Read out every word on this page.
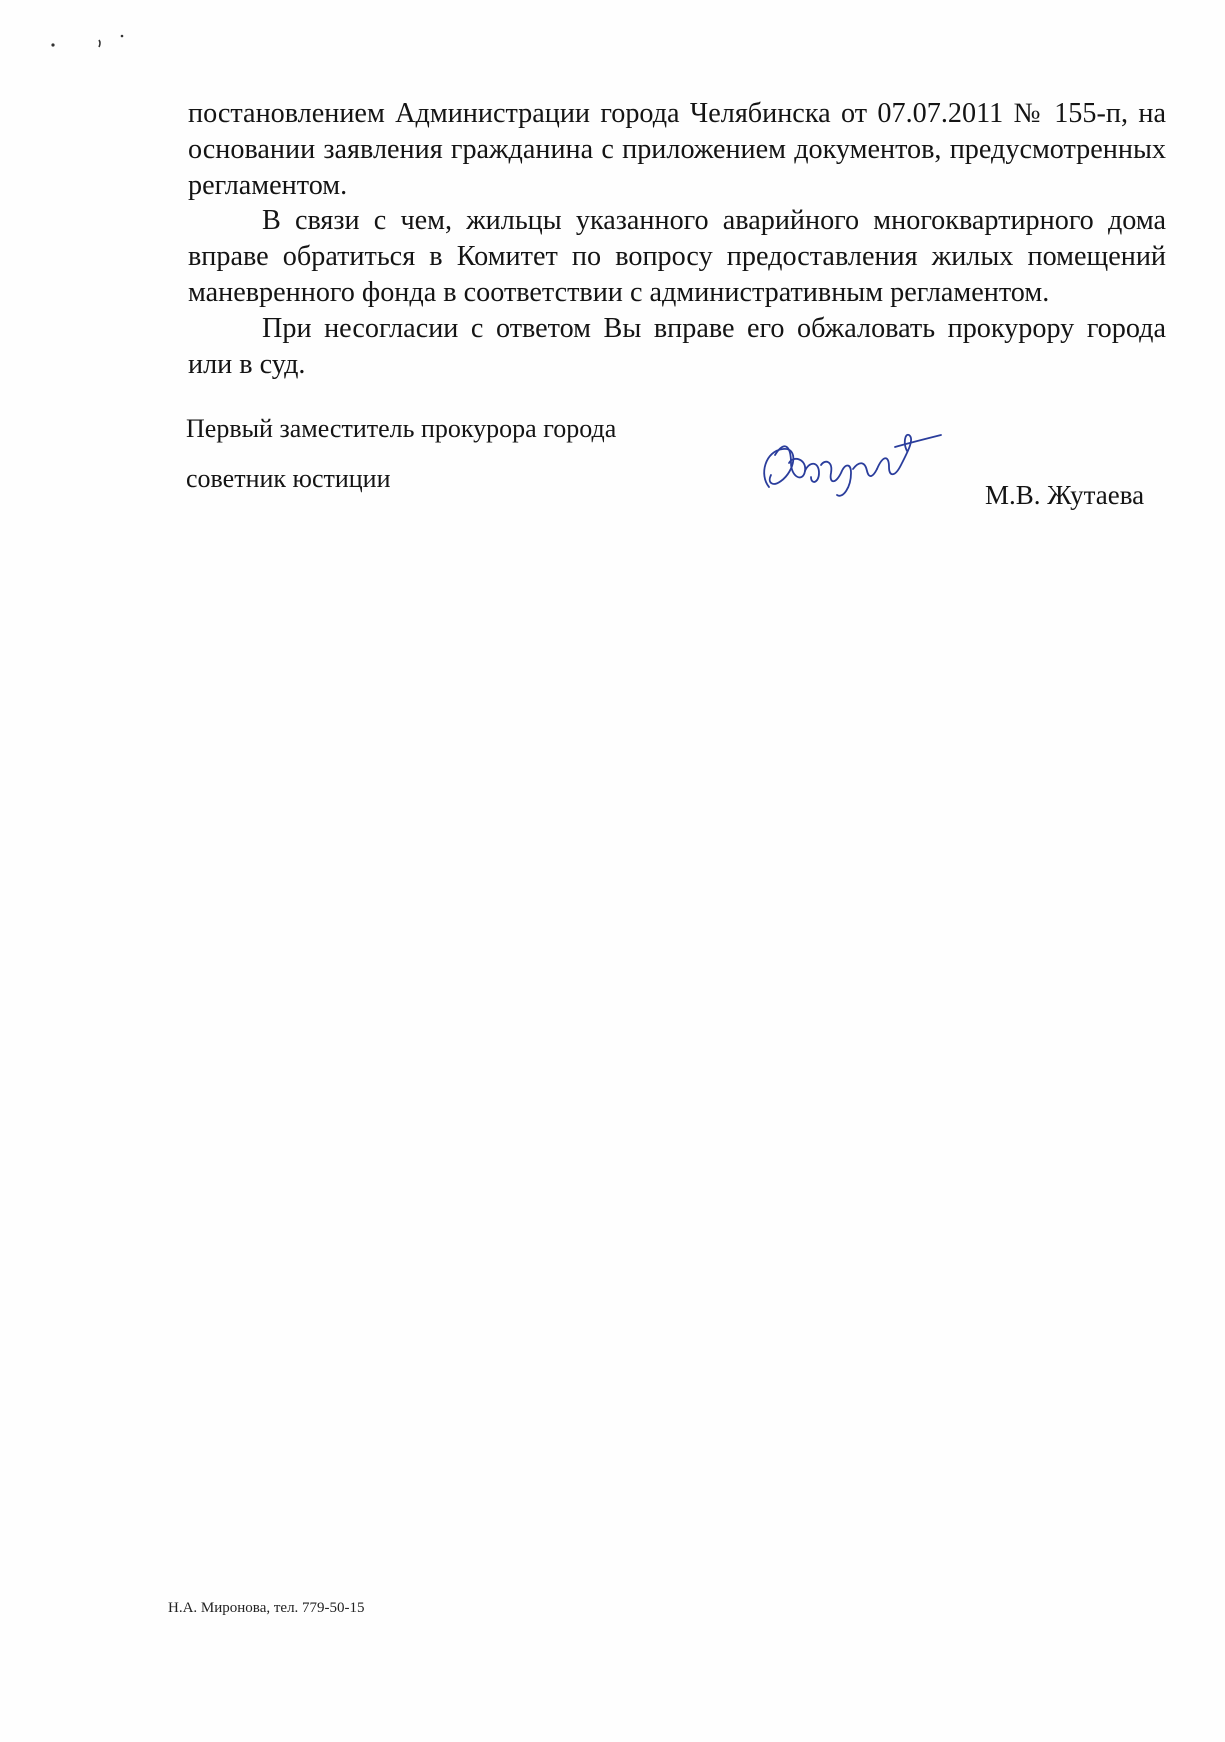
постановлением Администрации города Челябинска от 07.07.2011 № 155-п, на основании заявления гражданина с приложением документов, предусмотренных регламентом.

В связи с чем, жильцы указанного аварийного многоквартирного дома вправе обратиться в Комитет по вопросу предоставления жилых помещений маневренного фонда в соответствии с административным регламентом.

При несогласии с ответом Вы вправе его обжаловать прокурору города или в суд.

Первый заместитель прокурора города
советник юстиции
М.В. Жутаева
Н.А. Миронова, тел. 779-50-15
